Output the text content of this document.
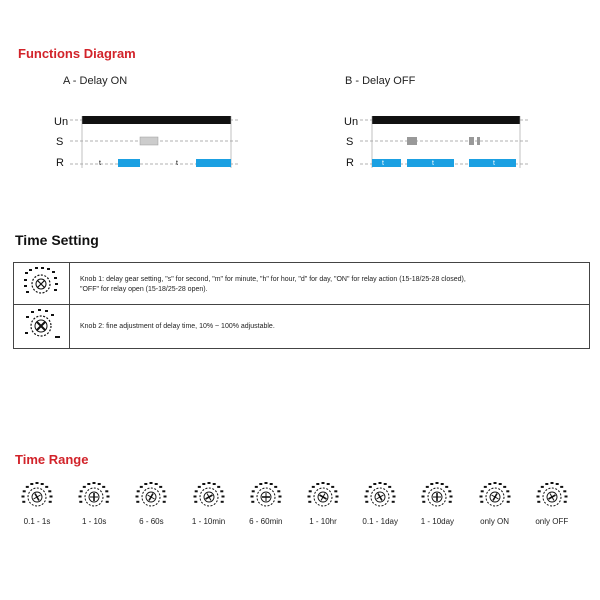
Functions Diagram
A - Delay ON
Un
S
R	t	t
B - Delay OFF
Un
S
R	t	t	t
Time Setting
Knob 1: delay gear setting, "s" for second, "m" for minute, "h" for hour, "d" for day, "ON" for relay action (15-18/25-28 closed),
"OFF" for relay open (15-18/25-28 open).
Knob 2: fine adjustment of delay time, 10% ~ 100% adjustable.
Time Range
0.1 - 1s	1 - 10s	6 - 60s	1 - 10min	6 - 60min	1 - 10hr	0.1 - 1day	1 - 10day	only ON	only OFF
